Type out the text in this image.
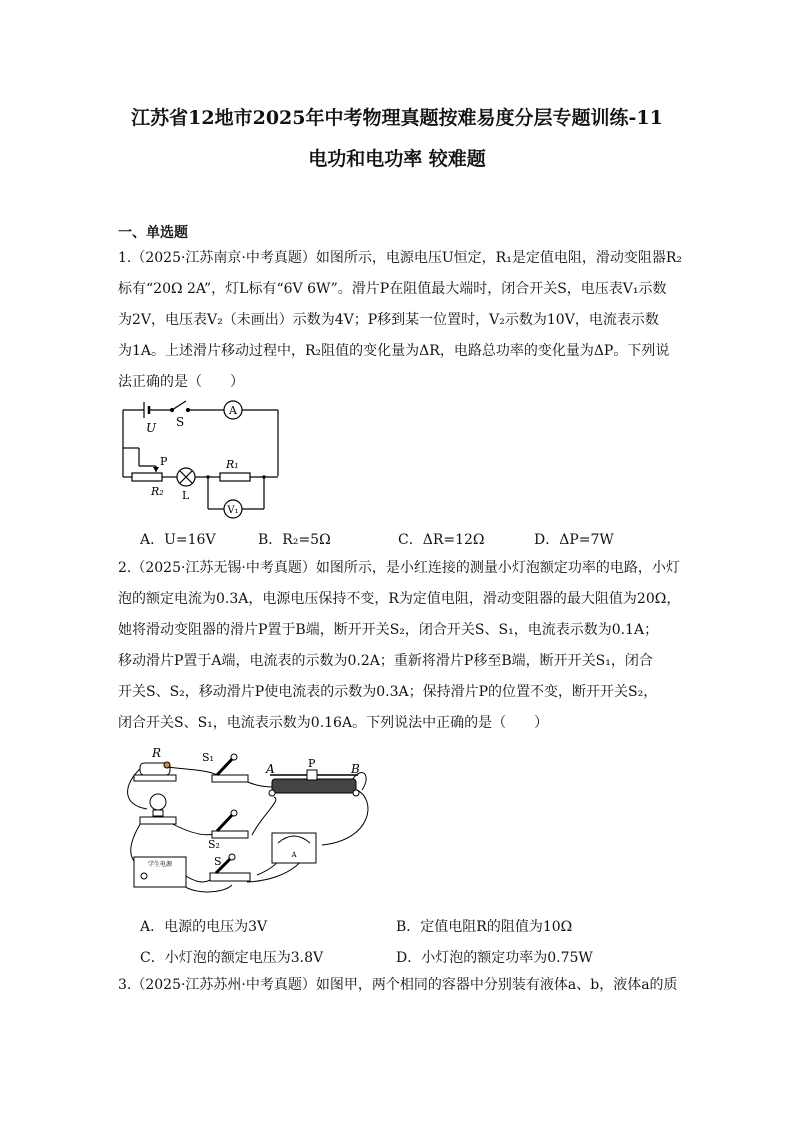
江苏省12地市2025年中考物理真题按难易度分层专题训练-11
电功和电功率 较难题
一、单选题
1.（2025·江苏南京·中考真题）如图所示，电源电压U恒定，R₁是定值电阻，滑动变阻器R₂
标有“20Ω 2A”，灯L标有“6V 6W”。滑片P在阻值最大端时，闭合开关S，电压表V₁示数
为2V，电压表V₂（未画出）示数为4V；P移到某一位置时，V₂示数为10V，电流表示数
为1A。上述滑片移动过程中，R₂阻值的变化量为ΔR，电路总功率的变化量为ΔP。下列说
法正确的是（　　）
A
U S
P
R₂ L
R₁
V₁
A．U=16V	B．R₂=5Ω	C．ΔR=12Ω	D．ΔP=7W
2.（2025·江苏无锡·中考真题）如图所示，是小红连接的测量小灯泡额定功率的电路，小灯
泡的额定电流为0.3A，电源电压保持不变，R为定值电阻，滑动变阻器的最大阻值为20Ω，
她将滑动变阻器的滑片P置于B端，断开开关S₂，闭合开关S、S₁，电流表示数为0.1A；
移动滑片P置于A端，电流表的示数为0.2A；重新将滑片P移至B端，断开开关S₁，闭合
开关S、S₂，移动滑片P使电流表的示数为0.3A；保持滑片P的位置不变，断开开关S₂，
闭合开关S、S₁，电流表示数为0.16A。下列说法中正确的是（　　）
A
学生电源
R	S₁
A	P	B
S₂
S
A．电源的电压为3V	B．定值电阻R的阻值为10Ω
C．小灯泡的额定电压为3.8V	D．小灯泡的额定功率为0.75W
3.（2025·江苏苏州·中考真题）如图甲，两个相同的容器中分别装有液体a、b，液体a的质
